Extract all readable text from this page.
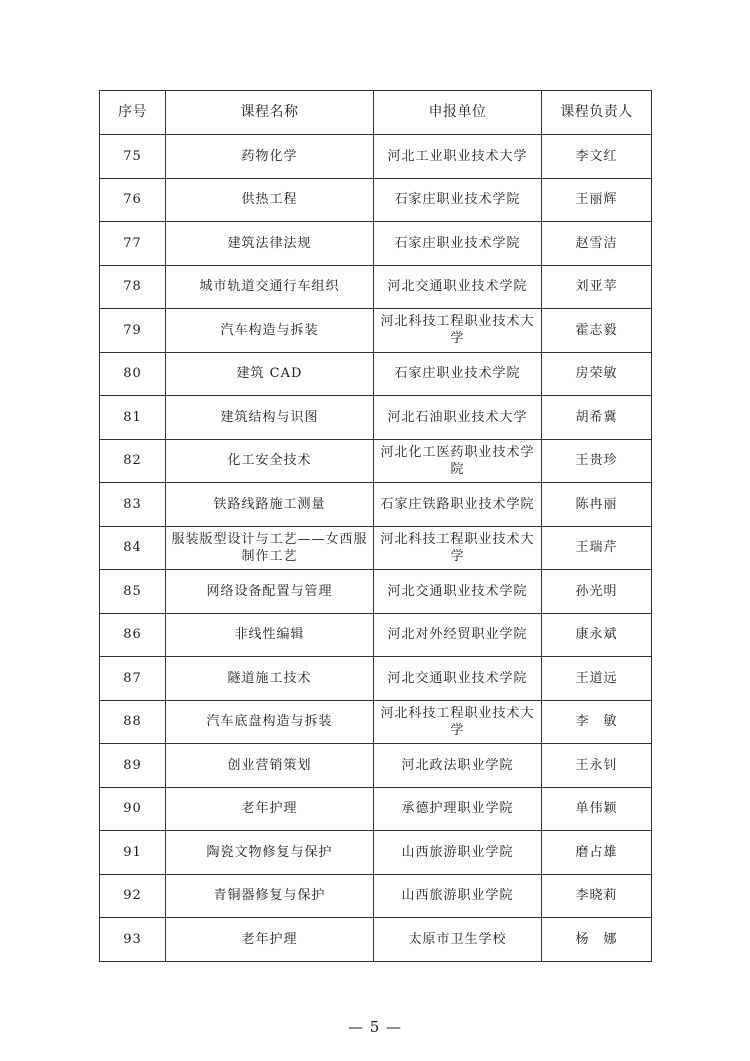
序号	课程名称	申报单位	课程负责人
75	药物化学	河北工业职业技术大学	李文红
76	供热工程	石家庄职业技术学院	王丽辉
77	建筑法律法规	石家庄职业技术学院	赵雪洁
78	城市轨道交通行车组织	河北交通职业技术学院	刘亚苹
79	汽车构造与拆装	河北科技工程职业技术大学	霍志毅
80	建筑 CAD	石家庄职业技术学院	房荣敏
81	建筑结构与识图	河北石油职业技术大学	胡希冀
82	化工安全技术	河北化工医药职业技术学院	王贵珍
83	铁路线路施工测量	石家庄铁路职业技术学院	陈冉丽
84	服装版型设计与工艺——女西服制作工艺	河北科技工程职业技术大学	王瑞芹
85	网络设备配置与管理	河北交通职业技术学院	孙光明
86	非线性编辑	河北对外经贸职业学院	康永斌
87	隧道施工技术	河北交通职业技术学院	王道远
88	汽车底盘构造与拆装	河北科技工程职业技术大学	李　敏
89	创业营销策划	河北政法职业学院	王永钊
90	老年护理	承德护理职业学院	单伟颖
91	陶瓷文物修复与保护	山西旅游职业学院	磨占雄
92	青铜器修复与保护	山西旅游职业学院	李晓莉
93	老年护理	太原市卫生学校	杨　娜
— 5 —
